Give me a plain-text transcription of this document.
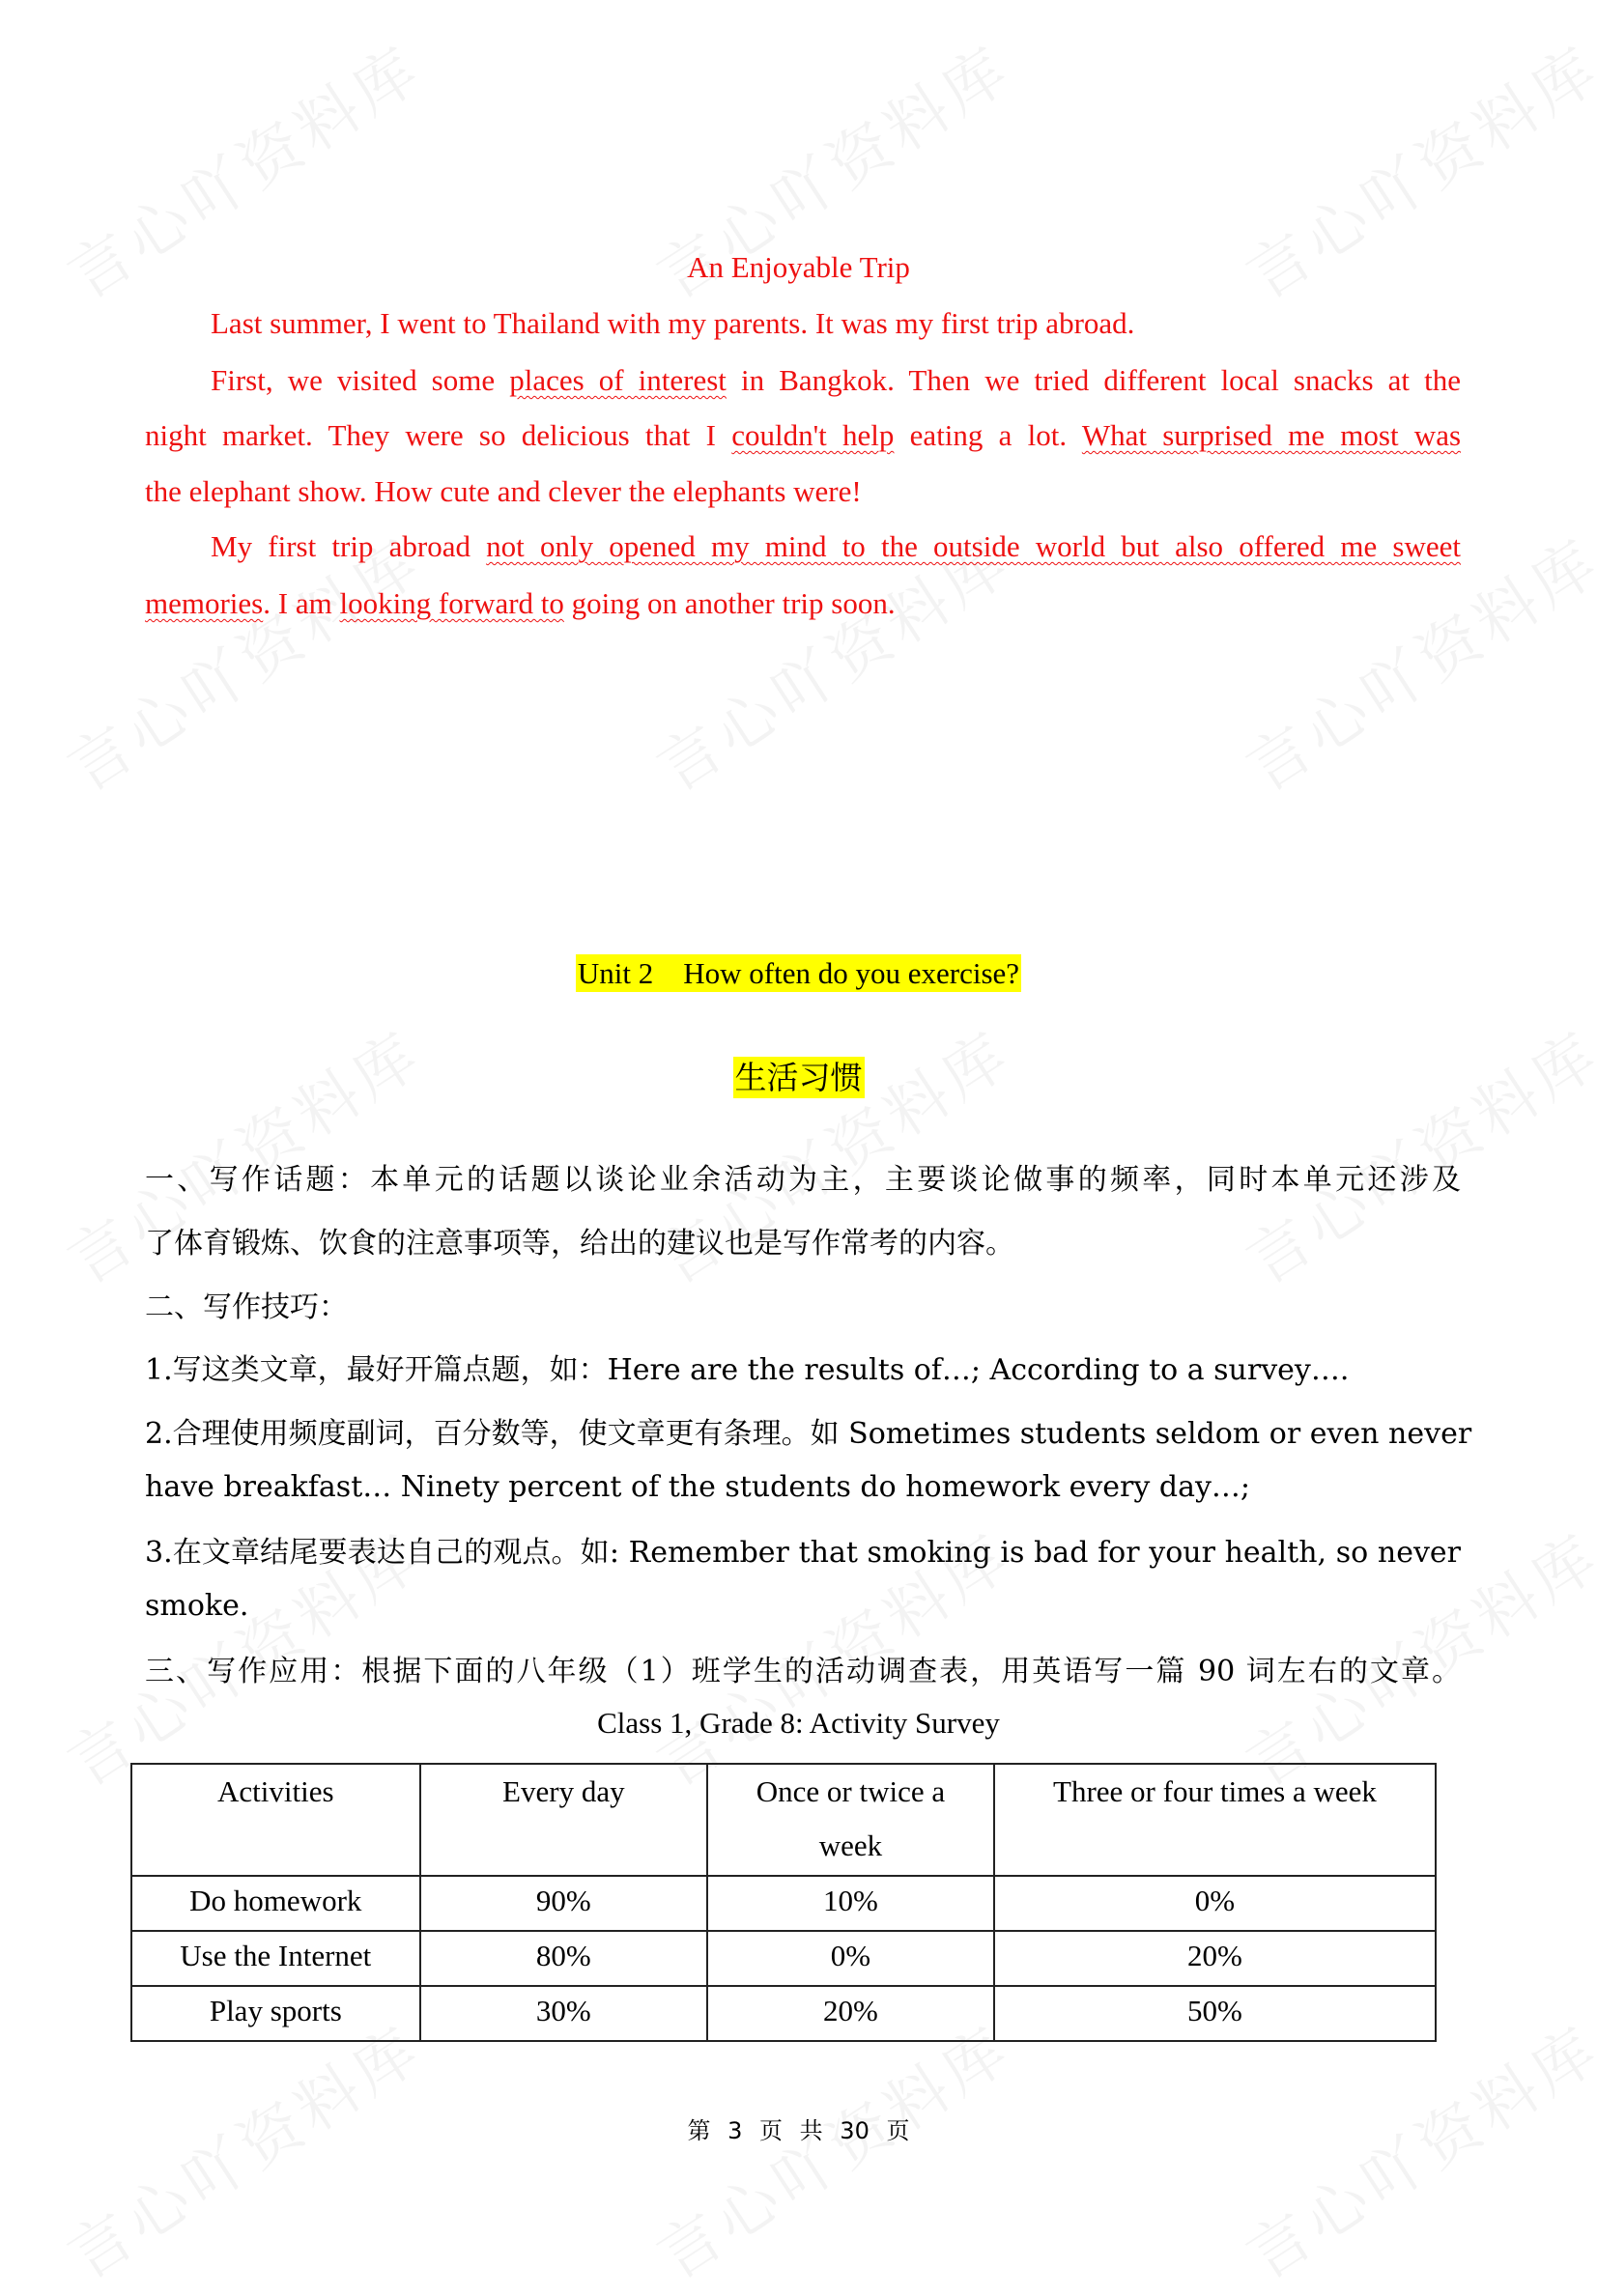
An Enjoyable Trip
Last summer, I went to Thailand with my parents. It was my first trip abroad.
First, we visited some places of interest in Bangkok. Then we tried different local snacks at the
night market. They were so delicious that I couldn't help eating a lot. What surprised me most was
the elephant show. How cute and clever the elephants were!
My first trip abroad not only opened my mind to the outside world but also offered me sweet
memories. I am looking forward to going on another trip soon.
Unit 2    How often do you exercise?
生活习惯
一、写作话题：本单元的话题以谈论业余活动为主，主要谈论做事的频率，同时本单元还涉及
了体育锻炼、饮食的注意事项等，给出的建议也是写作常考的内容。
二、写作技巧：
1.写这类文章，最好开篇点题，如：Here are the results of…; According to a survey….
2.合理使用频度副词，百分数等，使文章更有条理。如 Sometimes students seldom or even never
have breakfast… Ninety percent of the students do homework every day…;
3.在文章结尾要表达自己的观点。如: Remember that smoking is bad for your health, so never
smoke.
三、写作应用：根据下面的八年级（1）班学生的活动调查表，用英语写一篇 90 词左右的文章。
Class 1, Grade 8: Activity Survey
Activities	Every day	Once or twice a week	Three or four times a week
Do homework	90%	10%	0%
Use the Internet	80%	0%	20%
Play sports	30%	20%	50%
第 3 页 共 30 页
